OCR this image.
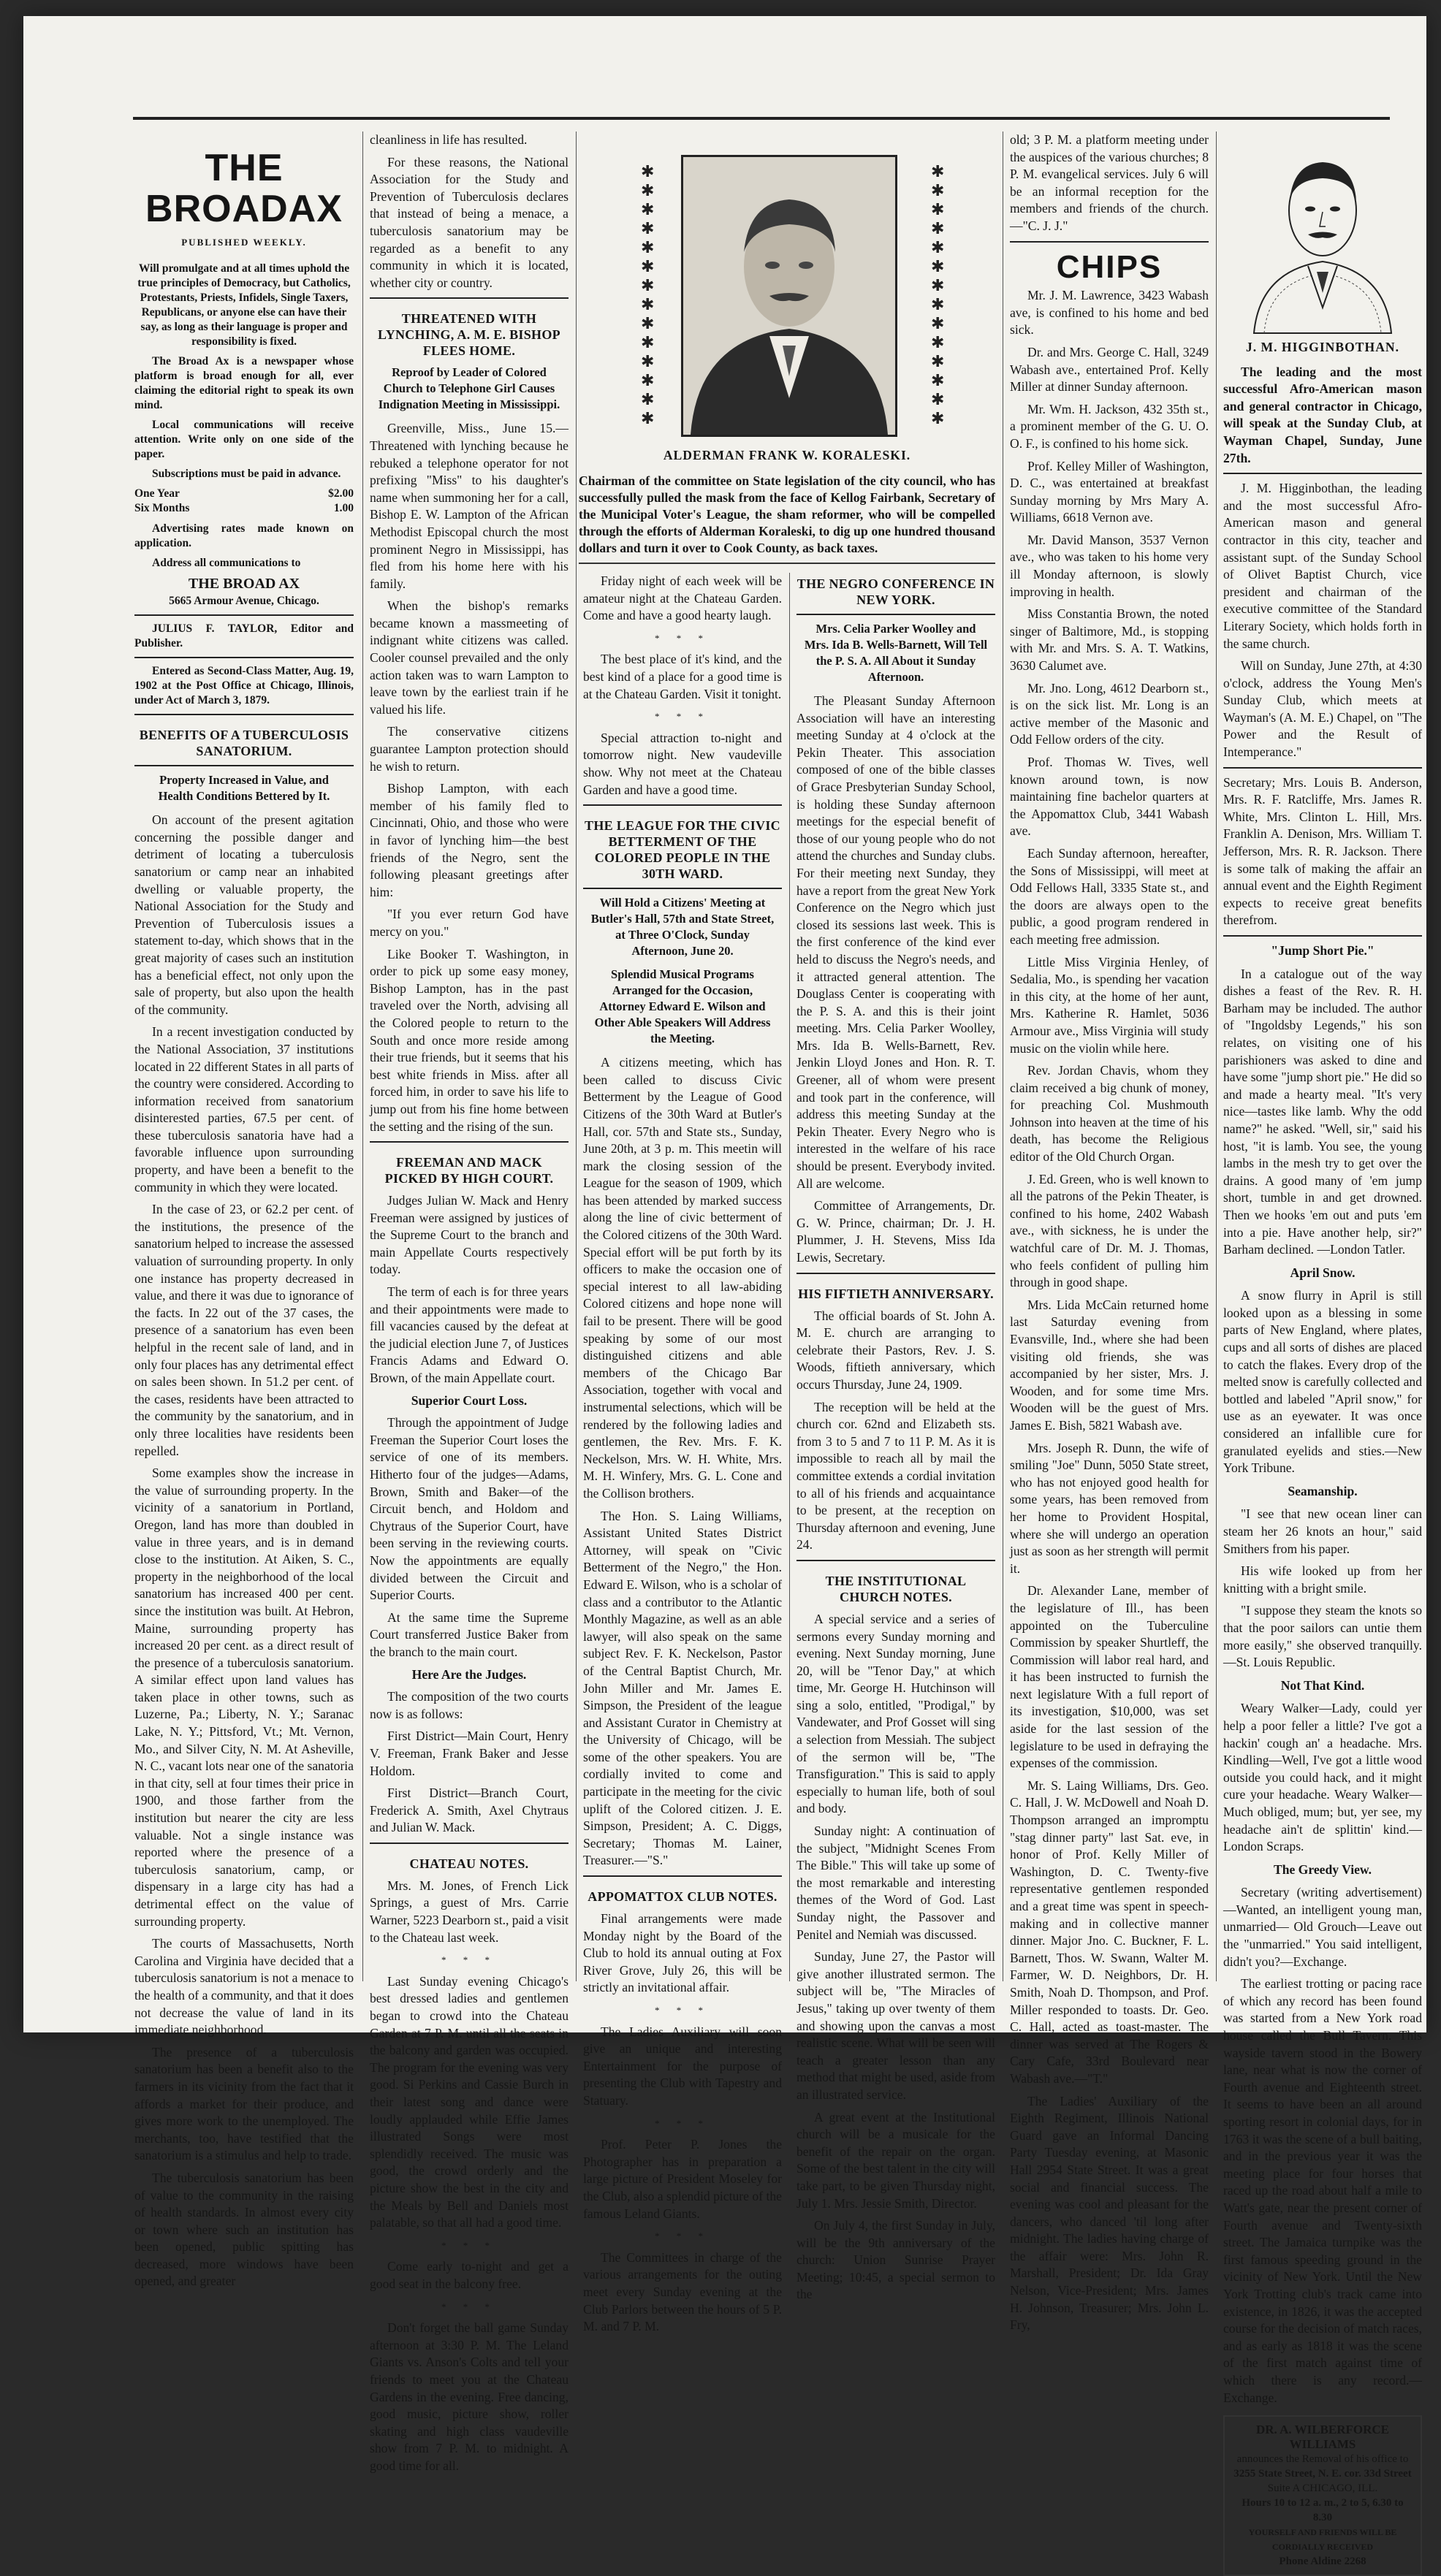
THE BROADAX
PUBLISHED WEEKLY.

Will promulgate and at all times uphold the true principles of Democracy, but Catholics, Protestants, Priests, Infidels, Single Taxers, Republicans, or anyone else can have their say, as long as their language is proper and responsibility is fixed.

The Broad Ax is a newspaper whose platform is broad enough for all, ever claiming the editorial right to speak its own mind.

Local communications will receive attention. Write only on one side of the paper.

Subscriptions must be paid in advance.

One Year	$2.00
Six Months	1.00

Advertising rates made known on application.

Address all communications to

THE BROAD AX
5665 Armour Avenue, Chicago.

JULIUS F. TAYLOR, Editor and Publisher.

Entered as Second-Class Matter, Aug. 19, 1902 at the Post Office at Chicago, Illinois, under Act of March 3, 1879.

BENEFITS OF A TUBERCULOSIS SANATORIUM.
Property Increased in Value, and Health Conditions Bettered by It.

On account of the present agitation concerning the possible danger and detriment of locating a tuberculosis sanatorium or camp near an inhabited dwelling or valuable property, the National Association for the Study and Prevention of Tuberculosis issues a statement to-day, which shows that in the great majority of cases such an institution has a beneficial effect, not only upon the sale of property, but also upon the health of the community.

In a recent investigation conducted by the National Association, 37 institutions located in 22 different States in all parts of the country were considered. According to information received from sanatorium disinterested parties, 67.5 per cent. of these tuberculosis sanatoria have had a favorable influence upon surrounding property, and have been a benefit to the community in which they were located.

In the case of 23, or 62.2 per cent. of the institutions, the presence of the sanatorium helped to increase the assessed valuation of surrounding property. In only one instance has property decreased in value, and there it was due to ignorance of the facts. In 22 out of the 37 cases, the presence of a sanatorium has even been helpful in the recent sale of land, and in only four places has any detrimental effect on sales been shown. In 51.2 per cent. of the cases, residents have been attracted to the community by the sanatorium, and in only three localities have residents been repelled.

Some examples show the increase in the value of surrounding property. In the vicinity of a sanatorium in Portland, Oregon, land has more than doubled in value in three years, and is in demand close to the institution. At Aiken, S. C., property in the neighborhood of the local sanatorium has increased 400 per cent. since the institution was built. At Hebron, Maine, surrounding property has increased 20 per cent. as a direct result of the presence of a tuberculosis sanatorium. A similar effect upon land values has taken place in other towns, such as Luzerne, Pa.; Liberty, N. Y.; Saranac Lake, N. Y.; Pittsford, Vt.; Mt. Vernon, Mo., and Silver City, N. M. At Asheville, N. C., vacant lots near one of the sanatoria in that city, sell at four times their price in 1900, and those farther from the institution but nearer the city are less valuable. Not a single instance was reported where the presence of a tuberculosis sanatorium, camp, or dispensary in a large city has had a detrimental effect on the value of surrounding property.

The courts of Massachusetts, North Carolina and Virginia have decided that a tuberculosis sanatorium is not a menace to the health of a community, and that it does not decrease the value of land in its immediate neighborhood.

The presence of a tuberculosis sanatorium has been a benefit also to the farmers in its vicinity from the fact that it affords a market for their produce, and gives more work to the unemployed. The merchants, too, have testified that the sanatorium is a stimulus and help to trade.

The tuberculosis sanatorium has been of value to the community in the raising of health standards. In almost every city or town where such an institution has been opened, public spitting has decreased, more windows have been opened, and greater

cleanliness in life has resulted.

For these reasons, the National Association for the Study and Prevention of Tuberculosis declares that instead of being a menace, a tuberculosis sanatorium may be regarded as a benefit to any community in which it is located, whether city or country.

THREATENED WITH LYNCHING, A. M. E. BISHOP FLEES HOME.
Reproof by Leader of Colored Church to Telephone Girl Causes Indignation Meeting in Mississippi.

Greenville, Miss., June 15.—Threatened with lynching because he rebuked a telephone operator for not prefixing "Miss" to his daughter's name when summoning her for a call, Bishop E. W. Lampton of the African Methodist Episcopal church the most prominent Negro in Mississippi, has fled from his home here with his family.

When the bishop's remarks became known a massmeeting of indignant white citizens was called. Cooler counsel prevailed and the only action taken was to warn Lampton to leave town by the earliest train if he valued his life.

The conservative citizens guarantee Lampton protection should he wish to return.

Bishop Lampton, with each member of his family fled to Cincinnati, Ohio, and those who were in favor of lynching him—the best friends of the Negro, sent the following pleasant greetings after him:

"If you ever return God have mercy on you."

Like Booker T. Washington, in order to pick up some easy money, Bishop Lampton, has in the past traveled over the North, advising all the Colored people to return to the South and once more reside among their true friends, but it seems that his best white friends in Miss. after all forced him, in order to save his life to jump out from his fine home between the setting and the rising of the sun.

FREEMAN AND MACK PICKED BY HIGH COURT.

Judges Julian W. Mack and Henry Freeman were assigned by justices of the Supreme Court to the branch and main Appellate Courts respectively today.

The term of each is for three years and their appointments were made to fill vacancies caused by the defeat at the judicial election June 7, of Justices Francis Adams and Edward O. Brown, of the main Appellate court.

Superior Court Loss.

Through the appointment of Judge Freeman the Superior Court loses the service of one of its members. Hitherto four of the judges—Adams, Brown, Smith and Baker—of the Circuit bench, and Holdom and Chytraus of the Superior Court, have been serving in the reviewing courts. Now the appointments are equally divided between the Circuit and Superior Courts.

At the same time the Supreme Court transferred Justice Baker from the branch to the main court.

Here Are the Judges.

The composition of the two courts now is as follows:

First District—Main Court, Henry V. Freeman, Frank Baker and Jesse Holdom.

First District—Branch Court, Frederick A. Smith, Axel Chytraus and Julian W. Mack.

CHATEAU NOTES.

Mrs. M. Jones, of French Lick Springs, a guest of Mrs. Carrie Warner, 5223 Dearborn st., paid a visit to the Chateau last week.

* * *

Last Sunday evening Chicago's best dressed ladies and gentlemen began to crowd into the Chateau Garden at 7 P. M. until all the seats in the balcony and garden was occupied. The program for the evening was very good. Si Perkins and Cassie Burch in their latest song and dance were loudly applauded while Effie James illustrated Songs were most splendidly received. The music was good, the crowd orderly and the picture show the best in the city and the Meals by Bell and Daniels most palatable, so that all had a good time.

* * *

Come early to-night and get a good seat in the balcony free.

* * *

Don't forget the ball game Sunday afternoon at 3:30 P. M. The Leland Giants vs. Anson's Colts and tell your friends to meet you at the Chateau Gardens in the evening. Free dancing, good music, picture show, roller skating and high class vaudeville show from 7 P. M. to midnight. A good time for all.

✱
✱
✱
✱
✱
✱
✱
✱
✱
✱
✱
✱
✱
✱
✱
✱
✱
✱
✱
✱
✱
✱
✱
✱
✱
✱
✱
✱
ALDERMAN FRANK W. KORALESKI.
Chairman of the committee on State legislation of the city council, who has successfully pulled the mask from the face of Kellog Fairbank, Secretary of the Municipal Voter's League, the sham reformer, who will be compelled through the efforts of Alderman Koraleski, to dig up one hundred thousand dollars and turn it over to Cook County, as back taxes.

Friday night of each week will be amateur night at the Chateau Garden. Come and have a good hearty laugh.

* * *

The best place of it's kind, and the best kind of a place for a good time is at the Chateau Garden. Visit it tonight.

* * *

Special attraction to-night and tomorrow night. New vaudeville show. Why not meet at the Chateau Garden and have a good time.

THE LEAGUE FOR THE CIVIC BETTERMENT OF THE COLORED PEOPLE IN THE 30TH WARD.
Will Hold a Citizens' Meeting at Butler's Hall, 57th and State Street, at Three O'Clock, Sunday Afternoon, June 20.
Splendid Musical Programs Arranged for the Occasion, Attorney Edward E. Wilson and Other Able Speakers Will Address the Meeting.

A citizens meeting, which has been called to discuss Civic Betterment by the League of Good Citizens of the 30th Ward at Butler's Hall, cor. 57th and State sts., Sunday, June 20th, at 3 p. m. This meetin will mark the closing session of the League for the season of 1909, which has been attended by marked success along the line of civic betterment of the Colored citizens of the 30th Ward. Special effort will be put forth by its officers to make the occasion one of special interest to all law-abiding Colored citizens and hope none will fail to be present. There will be good speaking by some of our most distinguished citizens and able members of the Chicago Bar Association, together with vocal and instrumental selections, which will be rendered by the following ladies and gentlemen, the Rev. Mrs. F. K. Neckelson, Mrs. W. H. White, Mrs. M. H. Winfery, Mrs. G. L. Cone and the Collison brothers.

The Hon. S. Laing Williams, Assistant United States District Attorney, will speak on "Civic Betterment of the Negro," the Hon. Edward E. Wilson, who is a scholar of class and a contributor to the Atlantic Monthly Magazine, as well as an able lawyer, will also speak on the same subject Rev. F. K. Neckelson, Pastor of the Central Baptist Church, Mr. John Miller and Mr. James E. Simpson, the President of the league and Assistant Curator in Chemistry at the University of Chicago, will be some of the other speakers. You are cordially invited to come and participate in the meeting for the civic uplift of the Colored citizen. J. E. Simpson, President; A. C. Diggs, Secretary; Thomas M. Lainer, Treasurer.—"S."

APPOMATTOX CLUB NOTES.

Final arrangements were made Monday night by the Board of the Club to hold its annual outing at Fox River Grove, July 26, this will be strictly an invitational affair.

* * *

The Ladies Auxiliary will soon give an unique and interesting Entertainment for the purpose of presenting the Club with Tapestry and Statuary.

* * *

Prof. Peter P. Jones the Photographer has in preparation a large picture of President Moseley for the Club, also a splendid picture of the famous Leland Giants.

* * *

The Committees in charge of the various arrangements for the outing meet every Sunday evening at the Club Parlors between the hours of 5 P. M. and 7 P. M.

THE NEGRO CONFERENCE IN NEW YORK.
Mrs. Celia Parker Woolley and Mrs. Ida B. Wells-Barnett, Will Tell the P. S. A. All About it Sunday Afternoon.

The Pleasant Sunday Afternoon Association will have an interesting meeting Sunday at 4 o'clock at the Pekin Theater. This association composed of one of the bible classes of Grace Presbyterian Sunday School, is holding these Sunday afternoon meetings for the especial benefit of those of our young people who do not attend the churches and Sunday clubs. For their meeting next Sunday, they have a report from the great New York Conference on the Negro which just closed its sessions last week. This is the first conference of the kind ever held to discuss the Negro's needs, and it attracted general attention. The Douglass Center is cooperating with the P. S. A. and this is their joint meeting. Mrs. Celia Parker Woolley, Mrs. Ida B. Wells-Barnett, Rev. Jenkin Lloyd Jones and Hon. R. T. Greener, all of whom were present and took part in the conference, will address this meeting Sunday at the Pekin Theater. Every Negro who is interested in the welfare of his race should be present. Everybody invited. All are welcome.

Committee of Arrangements, Dr. G. W. Prince, chairman; Dr. J. H. Plummer, J. H. Stevens, Miss Ida Lewis, Secretary.

HIS FIFTIETH ANNIVERSARY.

The official boards of St. John A. M. E. church are arranging to celebrate their Pastors, Rev. J. S. Woods, fiftieth anniversary, which occurs Thursday, June 24, 1909.

The reception will be held at the church cor. 62nd and Elizabeth sts. from 3 to 5 and 7 to 11 P. M. As it is impossible to reach all by mail the committee extends a cordial invitation to all of his friends and acquaintance to be present, at the reception on Thursday afternoon and evening, June 24.

THE INSTITUTIONAL CHURCH NOTES.

A special service and a series of sermons every Sunday morning and evening. Next Sunday morning, June 20, will be "Tenor Day," at which time, Mr. George H. Hutchinson will sing a solo, entitled, "Prodigal," by Vandewater, and Prof Gosset will sing a selection from Messiah. The subject of the sermon will be, "The Transfiguration." This is said to apply especially to human life, both of soul and body.

Sunday night: A continuation of the subject, "Midnight Scenes From The Bible." This will take up some of the most remarkable and interesting themes of the Word of God. Last Sunday night, the Passover and Penitel and Nemiah was discussed.

Sunday, June 27, the Pastor will give another illustrated sermon. The subject will be, "The Miracles of Jesus," taking up over twenty of them and showing upon the canvas a most realistic scene. What will be seen will teach a greater lesson than any method that might be used, aside from an illustrated service.

A great event at the Institutional church will be a musicale for the benefit of the repair on the organ. Some of the best talent in the city will take part, to be given Thursday night, July 1. Mrs. Jessie Smith, Director.

On July 4, the first Sunday in July, will be the 9th anniversary of the church: Union Sunrise Prayer Meeting; 10:45, a special sermon to the

old; 3 P. M. a platform meeting under the auspices of the various churches; 8 P. M. evangelical services. July 6 will be an informal reception for the members and friends of the church.—"C. J. J."

CHIPS

Mr. J. M. Lawrence, 3423 Wabash ave, is confined to his home and bed sick.

Dr. and Mrs. George C. Hall, 3249 Wabash ave., entertained Prof. Kelly Miller at dinner Sunday afternoon.

Mr. Wm. H. Jackson, 432 35th st., a prominent member of the G. U. O. O. F., is confined to his home sick.

Prof. Kelley Miller of Washington, D. C., was entertained at breakfast Sunday morning by Mrs Mary A. Williams, 6618 Vernon ave.

Mr. David Manson, 3537 Vernon ave., who was taken to his home very ill Monday afternoon, is slowly improving in health.

Miss Constantia Brown, the noted singer of Baltimore, Md., is stopping with Mr. and Mrs. S. A. T. Watkins, 3630 Calumet ave.

Mr. Jno. Long, 4612 Dearborn st., is on the sick list. Mr. Long is an active member of the Masonic and Odd Fellow orders of the city.

Prof. Thomas W. Tives, well known around town, is now maintaining fine bachelor quarters at the Appomattox Club, 3441 Wabash ave.

Each Sunday afternoon, hereafter, the Sons of Mississippi, will meet at Odd Fellows Hall, 3335 State st., and the doors are always open to the public, a good program rendered in each meeting free admission.

Little Miss Virginia Henley, of Sedalia, Mo., is spending her vacation in this city, at the home of her aunt, Mrs. Katherine R. Hamlet, 5036 Armour ave., Miss Virginia will study music on the violin while here.

Rev. Jordan Chavis, whom they claim received a big chunk of money, for preaching Col. Mushmouth Johnson into heaven at the time of his death, has become the Religious editor of the Old Church Organ.

J. Ed. Green, who is well known to all the patrons of the Pekin Theater, is confined to his home, 2402 Wabash ave., with sickness, he is under the watchful care of Dr. M. J. Thomas, who feels confident of pulling him through in good shape.

Mrs. Lida McCain returned home last Saturday evening from Evansville, Ind., where she had been visiting old friends, she was accompanied by her sister, Mrs. J. Wooden, and for some time Mrs. Wooden will be the guest of Mrs. James E. Bish, 5821 Wabash ave.

Mrs. Joseph R. Dunn, the wife of smiling "Joe" Dunn, 5050 State street, who has not enjoyed good health for some years, has been removed from her home to Provident Hospital, where she will undergo an operation just as soon as her strength will permit it.

Dr. Alexander Lane, member of the legislature of Ill., has been appointed on the Tuberculine Commission by speaker Shurtleff, the Commission will labor real hard, and it has been instructed to furnish the next legislature With a full report of its investigation, $10,000, was set aside for the last session of the legislature to be used in defraying the expenses of the commission.

Mr. S. Laing Williams, Drs. Geo. C. Hall, J. W. McDowell and Noah D. Thompson arranged an impromptu "stag dinner party" last Sat. eve, in honor of Prof. Kelly Miller of Washington, D. C. Twenty-five representative gentlemen responded and a great time was spent in speech-making and in collective manner dinner. Major Jno. C. Buckner, F. L. Barnett, Thos. W. Swann, Walter M. Farmer, W. D. Neighbors, Dr. H. Smith, Noah D. Thompson, and Prof. Miller responded to toasts. Dr. Geo. C. Hall, acted as toast-master. The dinner was served at The Rogers & Cary Cafe, 33rd Boulevard near Wabash ave.—"T."

The Ladies' Auxiliary of the Eighth Regiment, Illinois National Guard gave an Informal Dancing Party Tuesday evening, at Masonic Hall 2954 State Street. It was a great social and financial success. The evening was cool and pleasant for the dancers, who danced 'til long after midnight. The ladies having charge of the affair were: Mrs. John R. Marshall, President; Dr. Ida Gray Nelson, Vice-President; Mrs. James H. Johnson, Treasurer; Mrs. John L. Fry,

J. M. HIGGINBOTHAN.

The leading and the most successful Afro-American mason and general contractor in Chicago, will speak at the Sunday Club, at Wayman Chapel, Sunday, June 27th.

J. M. Higginbothan, the leading and the most successful Afro-American mason and general contractor in this city, teacher and assistant supt. of the Sunday School of Olivet Baptist Church, vice president and chairman of the executive committee of the Standard Literary Society, which holds forth in the same church.

Will on Sunday, June 27th, at 4:30 o'clock, address the Young Men's Sunday Club, which meets at Wayman's (A. M. E.) Chapel, on "The Power and the Result of Intemperance."

Secretary; Mrs. Louis B. Anderson, Mrs. R. F. Ratcliffe, Mrs. James R. White, Mrs. Clinton L. Hill, Mrs. Franklin A. Denison, Mrs. William T. Jefferson, Mrs. R. R. Jackson. There is some talk of making the affair an annual event and the Eighth Regiment expects to receive great benefits therefrom.

"Jump Short Pie."

In a catalogue out of the way dishes a feast of the Rev. R. H. Barham may be included. The author of "Ingoldsby Legends," his son relates, on visiting one of his parishioners was asked to dine and have some "jump short pie." He did so and made a hearty meal. "It's very nice—tastes like lamb. Why the odd name?" he asked. "Well, sir," said his host, "it is lamb. You see, the young lambs in the mesh try to get over the drains. A good many of 'em jump short, tumble in and get drowned. Then we hooks 'em out and puts 'em into a pie. Have another help, sir?" Barham declined. —London Tatler.

April Snow.

A snow flurry in April is still looked upon as a blessing in some parts of New England, where plates, cups and all sorts of dishes are placed to catch the flakes. Every drop of the melted snow is carefully collected and bottled and labeled "April snow," for use as an eyewater. It was once considered an infallible cure for granulated eyelids and sties.—New York Tribune.

Seamanship.

"I see that new ocean liner can steam her 26 knots an hour," said Smithers from his paper.

His wife looked up from her knitting with a bright smile.

"I suppose they steam the knots so that the poor sailors can untie them more easily," she observed tranquilly.—St. Louis Republic.

Not That Kind.

Weary Walker—Lady, could yer help a poor feller a little? I've got a hackin' cough an' a headache. Mrs. Kindling—Well, I've got a little wood outside you could hack, and it might cure your headache. Weary Walker—Much obliged, mum; but, yer see, my headache ain't de splittin' kind.—London Scraps.

The Greedy View.

Secretary (writing advertisement)—Wanted, an intelligent young man, unmarried— Old Grouch—Leave out the "unmarried." You said intelligent, didn't you?—Exchange.

The earliest trotting or pacing race of which any record has been found was started from a New York road house called the Bull Tavern. This wayside tavern stood in the Bowery lane, near what is now the corner of Fourth avenue and Eighteenth street. It seems to have been an all around sporting resort in colonial days, for in 1763 it was the scene of a bull baiting, and in the previous year it was the meeting place for four horses that raced up the road about half a mile to Watt's gate, near the present corner of Fourth avenue and Twenty-sixth street. The Jamaica turnpike was the first famous speeding ground in the vicinity of New York. Until the New York Trotting club's track came into existence, in 1826, it was the accepted course for the decision of match races, and as early as 1818 it was the scene of the first match against time of which there is any record.—Exchange.

DR. A. WILBERFORCE WILLIAMS
announces the Removal of his office to
3255 State Street, N. E. cor. 33d Street
Suite A CHICAGO, ILL.
Hours 10 to 12 a. m., 2 to 5, 6.30 to 8.30
YOURSELF AND FRIENDS WILL BE CORDIALLY RECEIVED
Phone Aldine 2268
